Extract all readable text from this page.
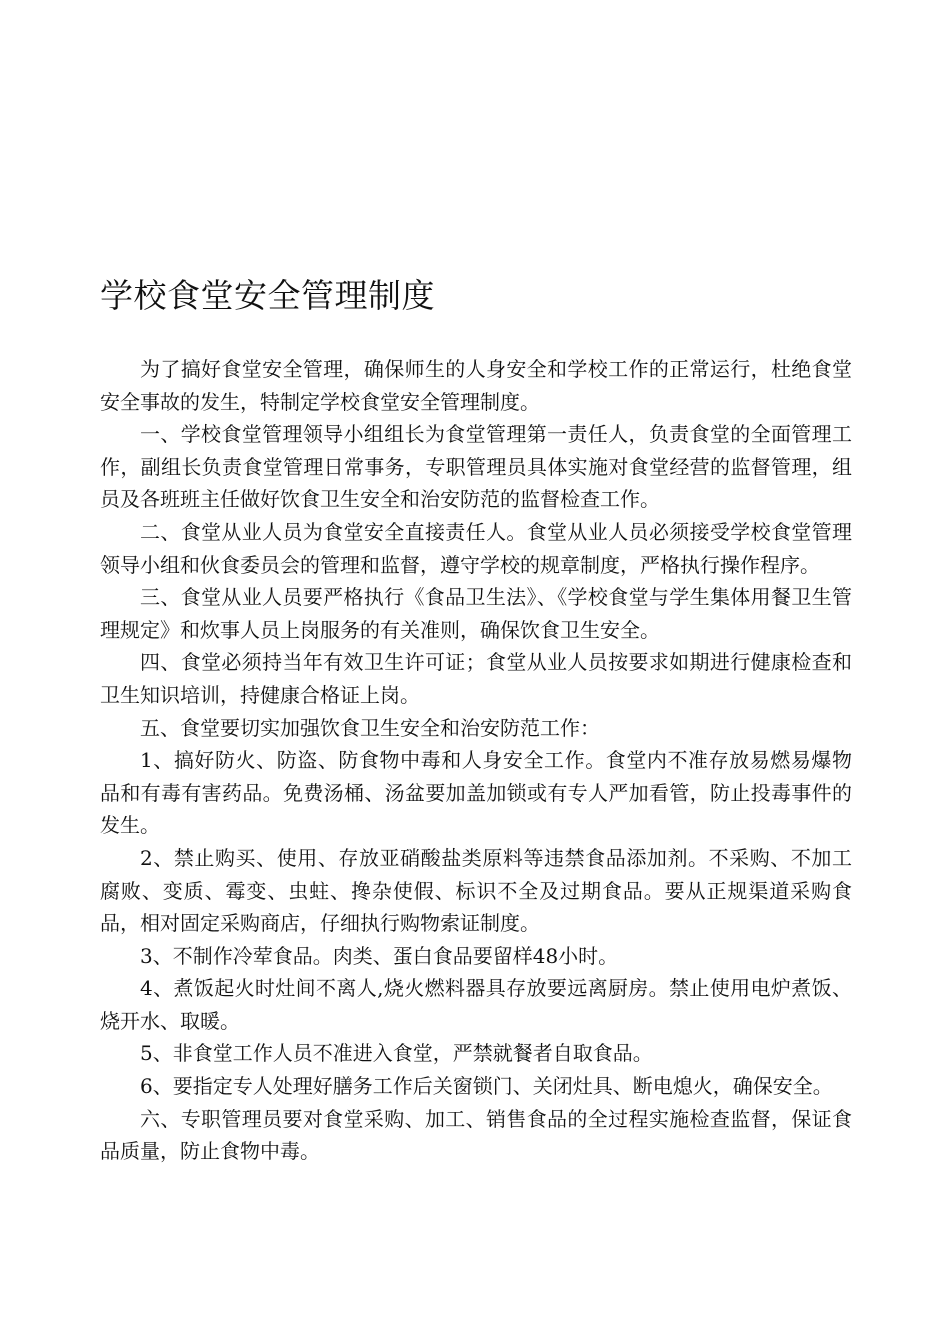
学校食堂安全管理制度

为了搞好食堂安全管理，确保师生的人身安全和学校工作的正常运行，杜绝食堂安全事故的发生，特制定学校食堂安全管理制度。

一、学校食堂管理领导小组组长为食堂管理第一责任人，负责食堂的全面管理工作，副组长负责食堂管理日常事务，专职管理员具体实施对食堂经营的监督管理，组员及各班班主任做好饮食卫生安全和治安防范的监督检查工作。

二、食堂从业人员为食堂安全直接责任人。食堂从业人员必须接受学校食堂管理领导小组和伙食委员会的管理和监督，遵守学校的规章制度，严格执行操作程序。

三、食堂从业人员要严格执行《食品卫生法》、《学校食堂与学生集体用餐卫生管理规定》和炊事人员上岗服务的有关准则，确保饮食卫生安全。

四、食堂必须持当年有效卫生许可证；食堂从业人员按要求如期进行健康检查和卫生知识培训，持健康合格证上岗。

五、食堂要切实加强饮食卫生安全和治安防范工作：

1、搞好防火、防盗、防食物中毒和人身安全工作。食堂内不准存放易燃易爆物品和有毒有害药品。免费汤桶、汤盆要加盖加锁或有专人严加看管，防止投毒事件的发生。

2、禁止购买、使用、存放亚硝酸盐类原料等违禁食品添加剂。不采购、不加工腐败、变质、霉变、虫蛀、搀杂使假、标识不全及过期食品。要从正规渠道采购食品，相对固定采购商店，仔细执行购物索证制度。

3、不制作冷荤食品。肉类、蛋白食品要留样48小时。

4、煮饭起火时灶间不离人,烧火燃料器具存放要远离厨房。禁止使用电炉煮饭、烧开水、取暖。

5、非食堂工作人员不准进入食堂，严禁就餐者自取食品。

6、要指定专人处理好膳务工作后关窗锁门、关闭灶具、断电熄火，确保安全。

六、专职管理员要对食堂采购、加工、销售食品的全过程实施检查监督，保证食品质量，防止食物中毒。
